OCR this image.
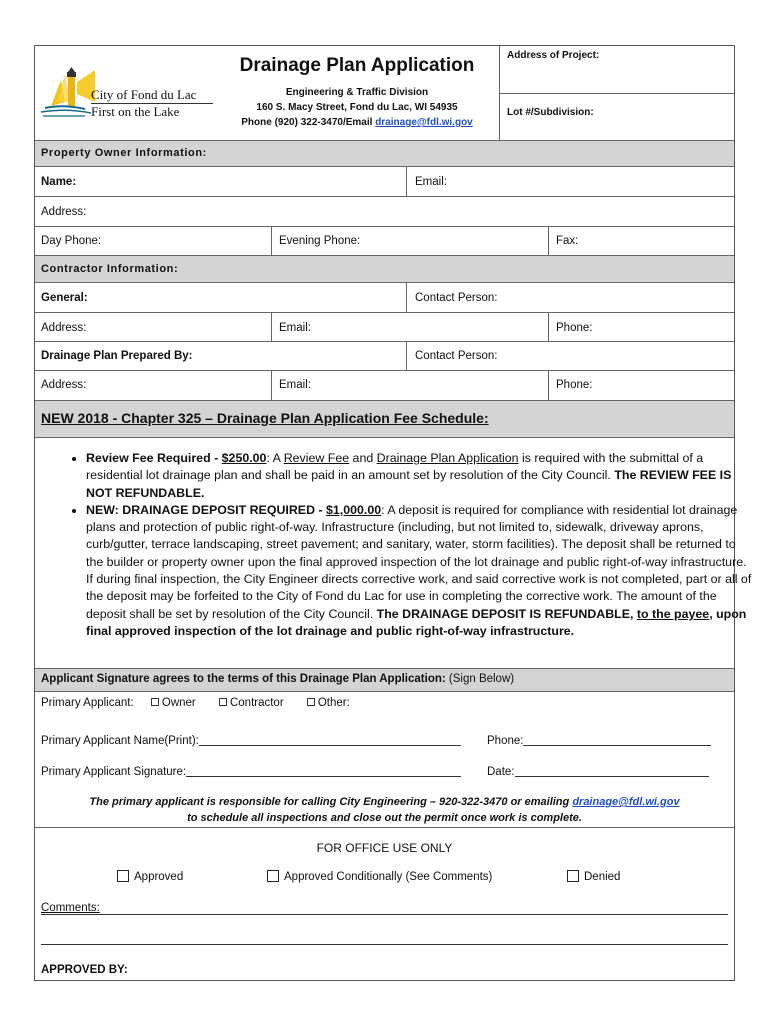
City of Fond du Lac
First on the Lake
Drainage Plan Application
Engineering & Traffic Division
160 S. Macy Street, Fond du Lac, WI 54935
Phone (920) 322-3470/Email drainage@fdl.wi.gov
Address of Project:
Lot #/Subdivision:
Property Owner Information:
Name:	Email:
Address:
Day Phone:	Evening Phone:	Fax:
Contractor Information:
General:	Contact Person:
Address:	Email:	Phone:
Drainage Plan Prepared By:	Contact Person:
Address:	Email:	Phone:
NEW 2018 - Chapter 325 – Drainage Plan Application Fee Schedule:
• Review Fee Required - $250.00: A Review Fee and Drainage Plan Application is required with the submittal of a residential lot drainage plan and shall be paid in an amount set by resolution of the City Council. The REVIEW FEE IS NOT REFUNDABLE.
• NEW: DRAINAGE DEPOSIT REQUIRED - $1,000.00: A deposit is required for compliance with residential lot drainage plans and protection of public right-of-way. Infrastructure (including, but not limited to, sidewalk, driveway aprons, curb/gutter, terrace landscaping, street pavement; and sanitary, water, storm facilities). The deposit shall be returned to the builder or property owner upon the final approved inspection of the lot drainage and public right-of-way infrastructure. If during final inspection, the City Engineer directs corrective work, and said corrective work is not completed, part or all of the deposit may be forfeited to the City of Fond du Lac for use in completing the corrective work. The amount of the deposit shall be set by resolution of the City Council. The DRAINAGE DEPOSIT IS REFUNDABLE, to the payee, upon final approved inspection of the lot drainage and public right-of-way infrastructure.
Applicant Signature agrees to the terms of this Drainage Plan Application: (Sign Below)
Primary Applicant: Owner	Contractor	Other:
Primary Applicant Name(Print):	Phone:
Primary Applicant Signature:	Date:
The primary applicant is responsible for calling City Engineering – 920-322-3470 or emailing drainage@fdl.wi.gov
to schedule all inspections and close out the permit once work is complete.
FOR OFFICE USE ONLY
Approved	Approved Conditionally (See Comments)	Denied
Comments:
APPROVED BY:
